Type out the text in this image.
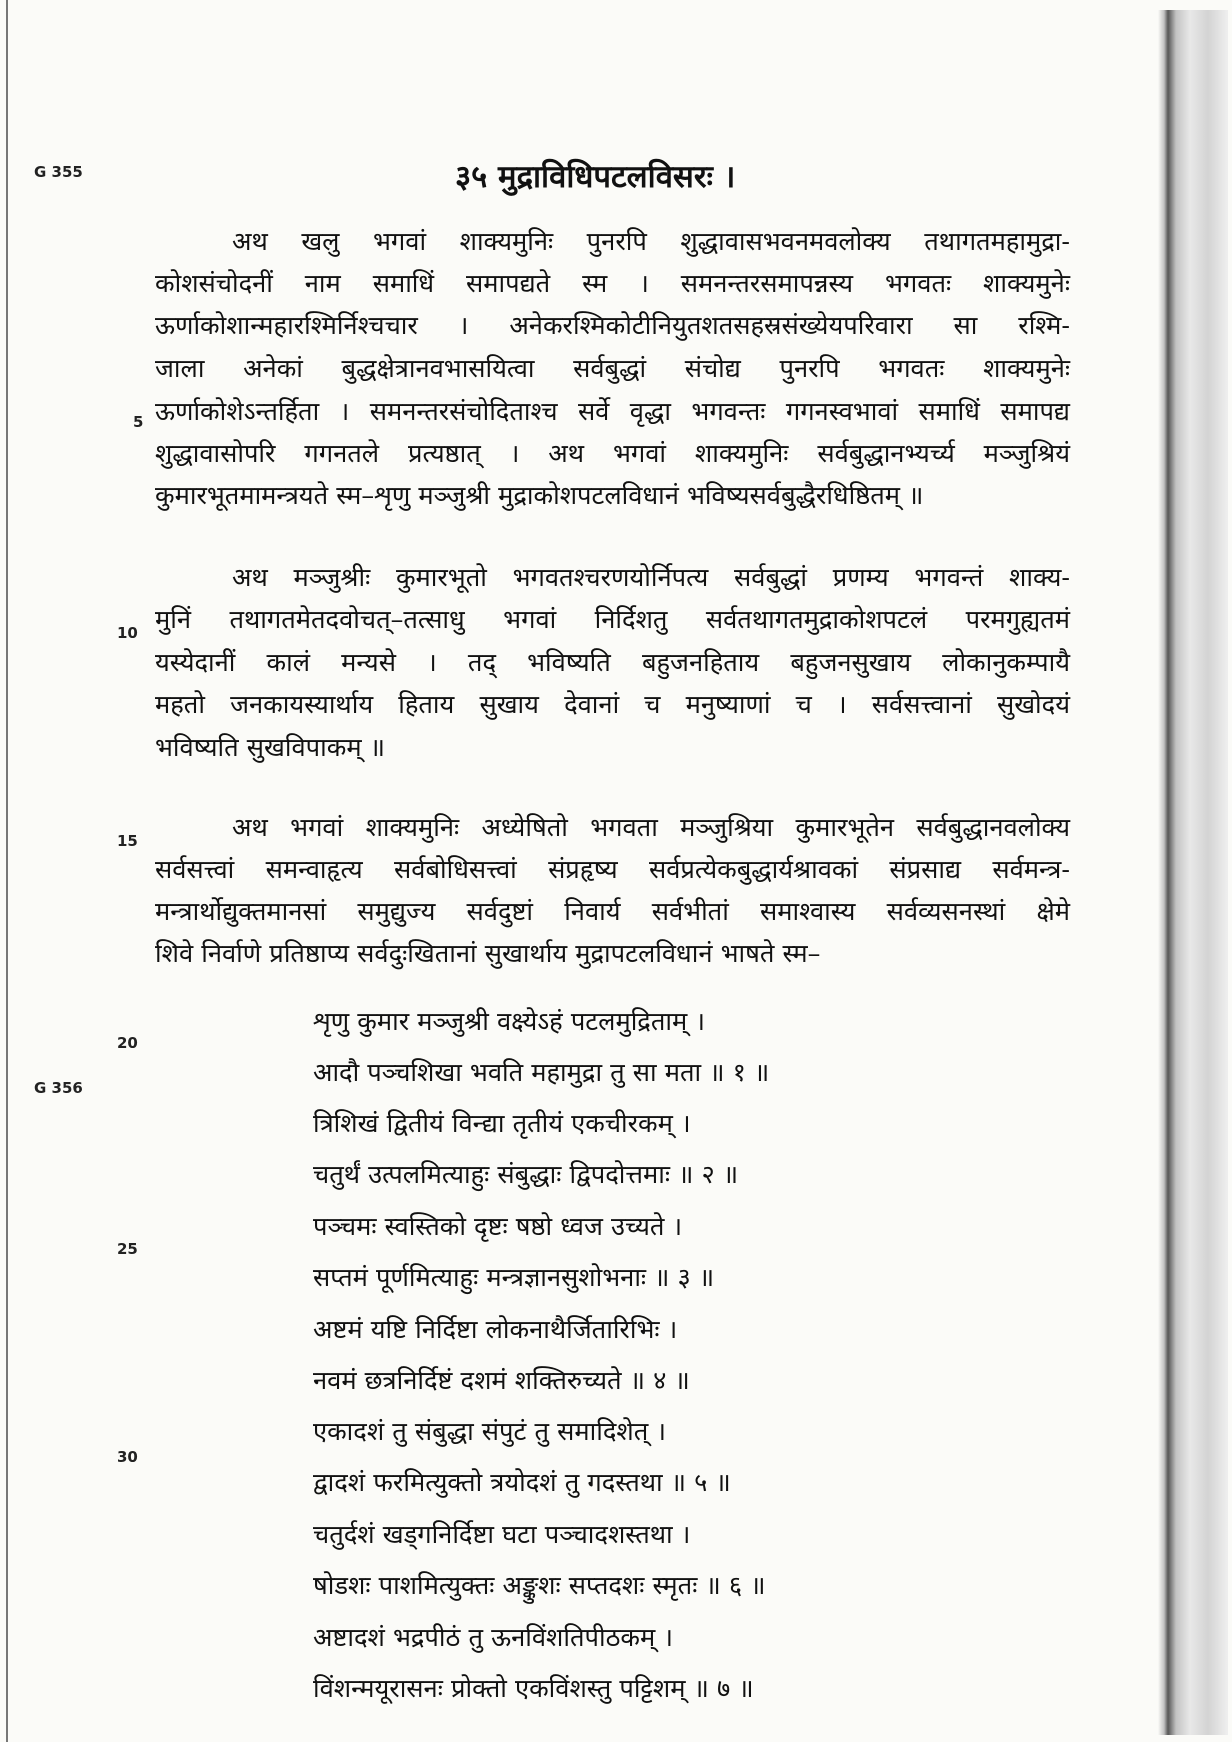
G 355
G 356
5
10
15
20
25
30
३५ मुद्राविधिपटलविसरः ।
अथ खलु भगवां शाक्यमुनिः पुनरपि शुद्धावासभवनमवलोक्य तथागतमहामुद्रा-
कोशसंचोदनीं नाम समाधिं समापद्यते स्म । समनन्तरसमापन्नस्य भगवतः शाक्यमुनेः
ऊर्णाकोशान्महारश्मिर्निश्चचार । अनेकरश्मिकोटीनियुतशतसहस्रसंख्येयपरिवारा सा रश्मि-
जाला अनेकां बुद्धक्षेत्रानवभासयित्वा सर्वबुद्धां संचोद्य पुनरपि भगवतः शाक्यमुनेः
ऊर्णाकोशेऽन्तर्हिता । समनन्तरसंचोदिताश्च सर्वे वृद्धा भगवन्तः गगनस्वभावां समाधिं समापद्य
शुद्धावासोपरि गगनतले प्रत्यष्ठात् । अथ भगवां शाक्यमुनिः सर्वबुद्धानभ्यर्च्य मञ्जुश्रियं
कुमारभूतमामन्त्रयते स्म–शृणु मञ्जुश्री मुद्राकोशपटलविधानं भविष्यसर्वबुद्धैरधिष्ठितम् ॥
अथ मञ्जुश्रीः कुमारभूतो भगवतश्चरणयोर्निपत्य सर्वबुद्धां प्रणम्य भगवन्तं शाक्य-
मुनिं तथागतमेतदवोचत्–तत्साधु भगवां निर्दिशतु सर्वतथागतमुद्राकोशपटलं परमगुह्यतमं
यस्येदानीं कालं मन्यसे । तद् भविष्यति बहुजनहिताय बहुजनसुखाय लोकानुकम्पायै
महतो जनकायस्यार्थाय हिताय सुखाय देवानां च मनुष्याणां च । सर्वसत्त्वानां सुखोदयं
भविष्यति सुखविपाकम् ॥
अथ भगवां शाक्यमुनिः अध्येषितो भगवता मञ्जुश्रिया कुमारभूतेन सर्वबुद्धानवलोक्य
सर्वसत्त्वां समन्वाहृत्य सर्वबोधिसत्त्वां संप्रहृष्य सर्वप्रत्येकबुद्धार्यश्रावकां संप्रसाद्य सर्वमन्त्र-
मन्त्रार्थोद्युक्तमानसां समुद्युज्य सर्वदुष्टां निवार्य सर्वभीतां समाश्वास्य सर्वव्यसनस्थां क्षेमे
शिवे निर्वाणे प्रतिष्ठाप्य सर्वदुःखितानां सुखार्थाय मुद्रापटलविधानं भाषते स्म–
शृणु कुमार मञ्जुश्री वक्ष्येऽहं पटलमुद्रिताम् ।
आदौ पञ्चशिखा भवति महामुद्रा तु सा मता ॥ १ ॥
त्रिशिखं द्वितीयं विन्द्या तृतीयं एकचीरकम् ।
चतुर्थं उत्पलमित्याहुः संबुद्धाः द्विपदोत्तमाः ॥ २ ॥
पञ्चमः स्वस्तिको दृष्टः षष्ठो ध्वज उच्यते ।
सप्तमं पूर्णमित्याहुः मन्त्रज्ञानसुशोभनाः ॥ ३ ॥
अष्टमं यष्टि निर्दिष्टा लोकनाथैर्जितारिभिः ।
नवमं छत्रनिर्दिष्टं दशमं शक्तिरुच्यते ॥ ४ ॥
एकादशं तु संबुद्धा संपुटं तु समादिशेत् ।
द्वादशं फरमित्युक्तो त्रयोदशं तु गदस्तथा ॥ ५ ॥
चतुर्दशं खड्गनिर्दिष्टा घटा पञ्चादशस्तथा ।
षोडशः पाशमित्युक्तः अङ्कुशः सप्तदशः स्मृतः ॥ ६ ॥
अष्टादशं भद्रपीठं तु ऊनविंशतिपीठकम् ।
विंशन्मयूरासनः प्रोक्तो एकविंशस्तु पट्टिशम् ॥ ७ ॥
